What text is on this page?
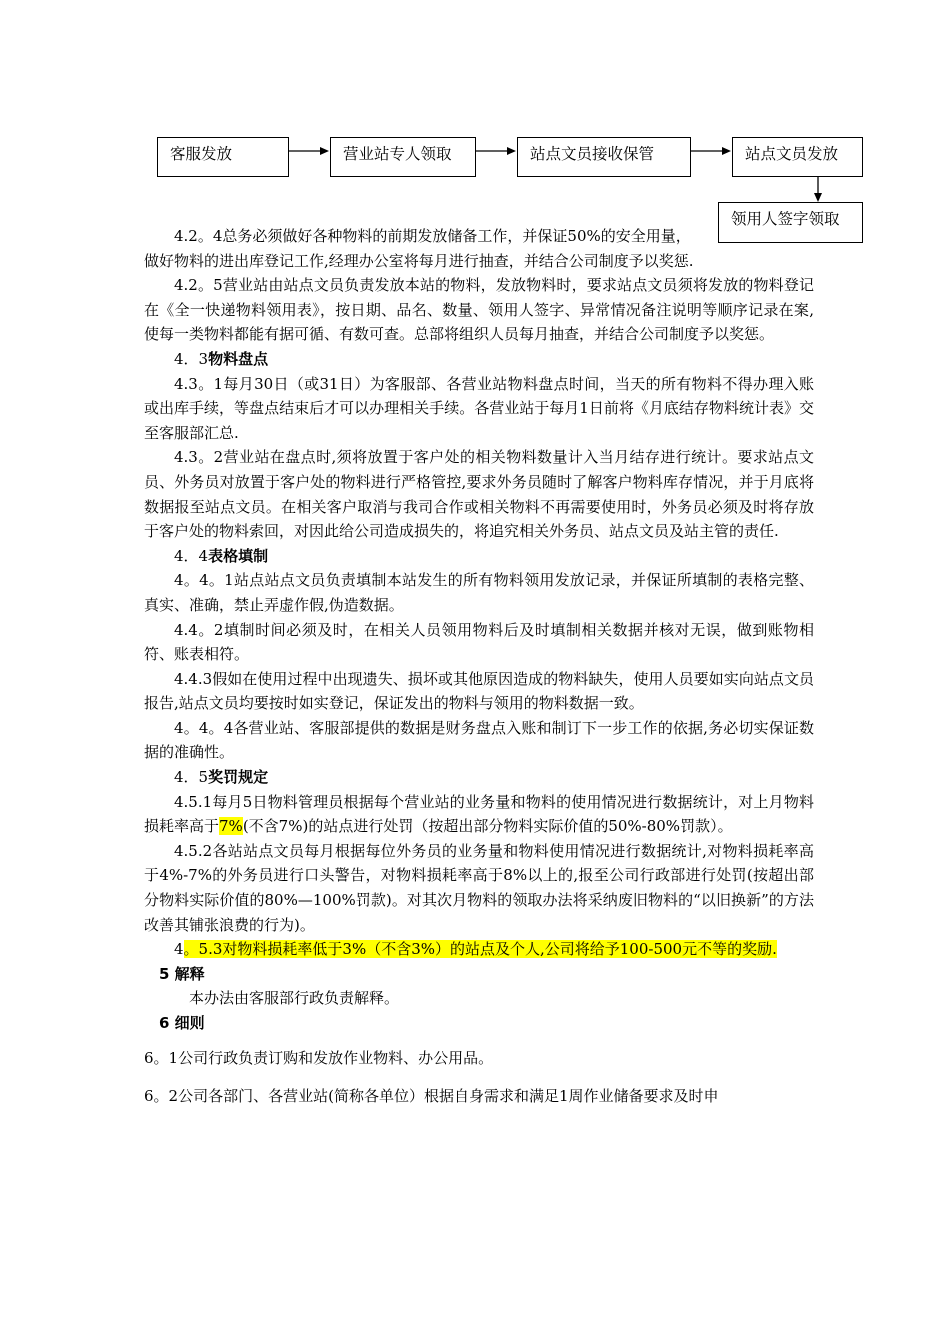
客服发放	营业站专人领取	站点文员接收保管	站点文员发放
领用人签字领取

4.2。4总务必须做好各种物料的前期发放储备工作，并保证50%的安全用量，

做好物料的进出库登记工作,经理办公室将每月进行抽查，并结合公司制度予以奖惩.

4.2。5营业站由站点文员负责发放本站的物料，发放物料时，要求站点文员须将发放的物料登记在《全一快递物料领用表》，按日期、品名、数量、领用人签字、异常情况备注说明等顺序记录在案,使每一类物料都能有据可循、有数可查。总部将组织人员每月抽查，并结合公司制度予以奖惩。

4．3物料盘点

4.3。1每月30日（或31日）为客服部、各营业站物料盘点时间，当天的所有物料不得办理入账或出库手续，等盘点结束后才可以办理相关手续。各营业站于每月1日前将《月底结存物料统计表》交至客服部汇总.

4.3。2营业站在盘点时,须将放置于客户处的相关物料数量计入当月结存进行统计。要求站点文员、外务员对放置于客户处的物料进行严格管控,要求外务员随时了解客户物料库存情况，并于月底将数据报至站点文员。在相关客户取消与我司合作或相关物料不再需要使用时，外务员必须及时将存放于客户处的物料索回，对因此给公司造成损失的，将追究相关外务员、站点文员及站主管的责任.

4．4表格填制

4。4。1站点站点文员负责填制本站发生的所有物料领用发放记录，并保证所填制的表格完整、真实、准确，禁止弄虚作假,伪造数据。

4.4。2填制时间必须及时，在相关人员领用物料后及时填制相关数据并核对无误，做到账物相符、账表相符。

4.4.3假如在使用过程中出现遗失、损坏或其他原因造成的物料缺失，使用人员要如实向站点文员报告,站点文员均要按时如实登记，保证发出的物料与领用的物料数据一致。

4。4。4各营业站、客服部提供的数据是财务盘点入账和制订下一步工作的依据,务必切实保证数据的准确性。

4．5奖罚规定

4.5.1每月5日物料管理员根据每个营业站的业务量和物料的使用情况进行数据统计，对上月物料损耗率高于7%(不含7%)的站点进行处罚（按超出部分物料实际价值的50%-80%罚款）。

4.5.2各站站点文员每月根据每位外务员的业务量和物料使用情况进行数据统计,对物料损耗率高于4%-7%的外务员进行口头警告，对物料损耗率高于8%以上的,报至公司行政部进行处罚(按超出部分物料实际价值的80%—100%罚款)。对其次月物料的领取办法将采纳废旧物料的“以旧换新”的方法改善其铺张浪费的行为)。

4。5.3对物料损耗率低于3%（不含3%）的站点及个人,公司将给予100-500元不等的奖励.

5 解释

本办法由客服部行政负责解释。

6 细则

6。1公司行政负责订购和发放作业物料、办公用品。

6。2公司各部门、各营业站(简称各单位）根据自身需求和满足1周作业储备要求及时申
